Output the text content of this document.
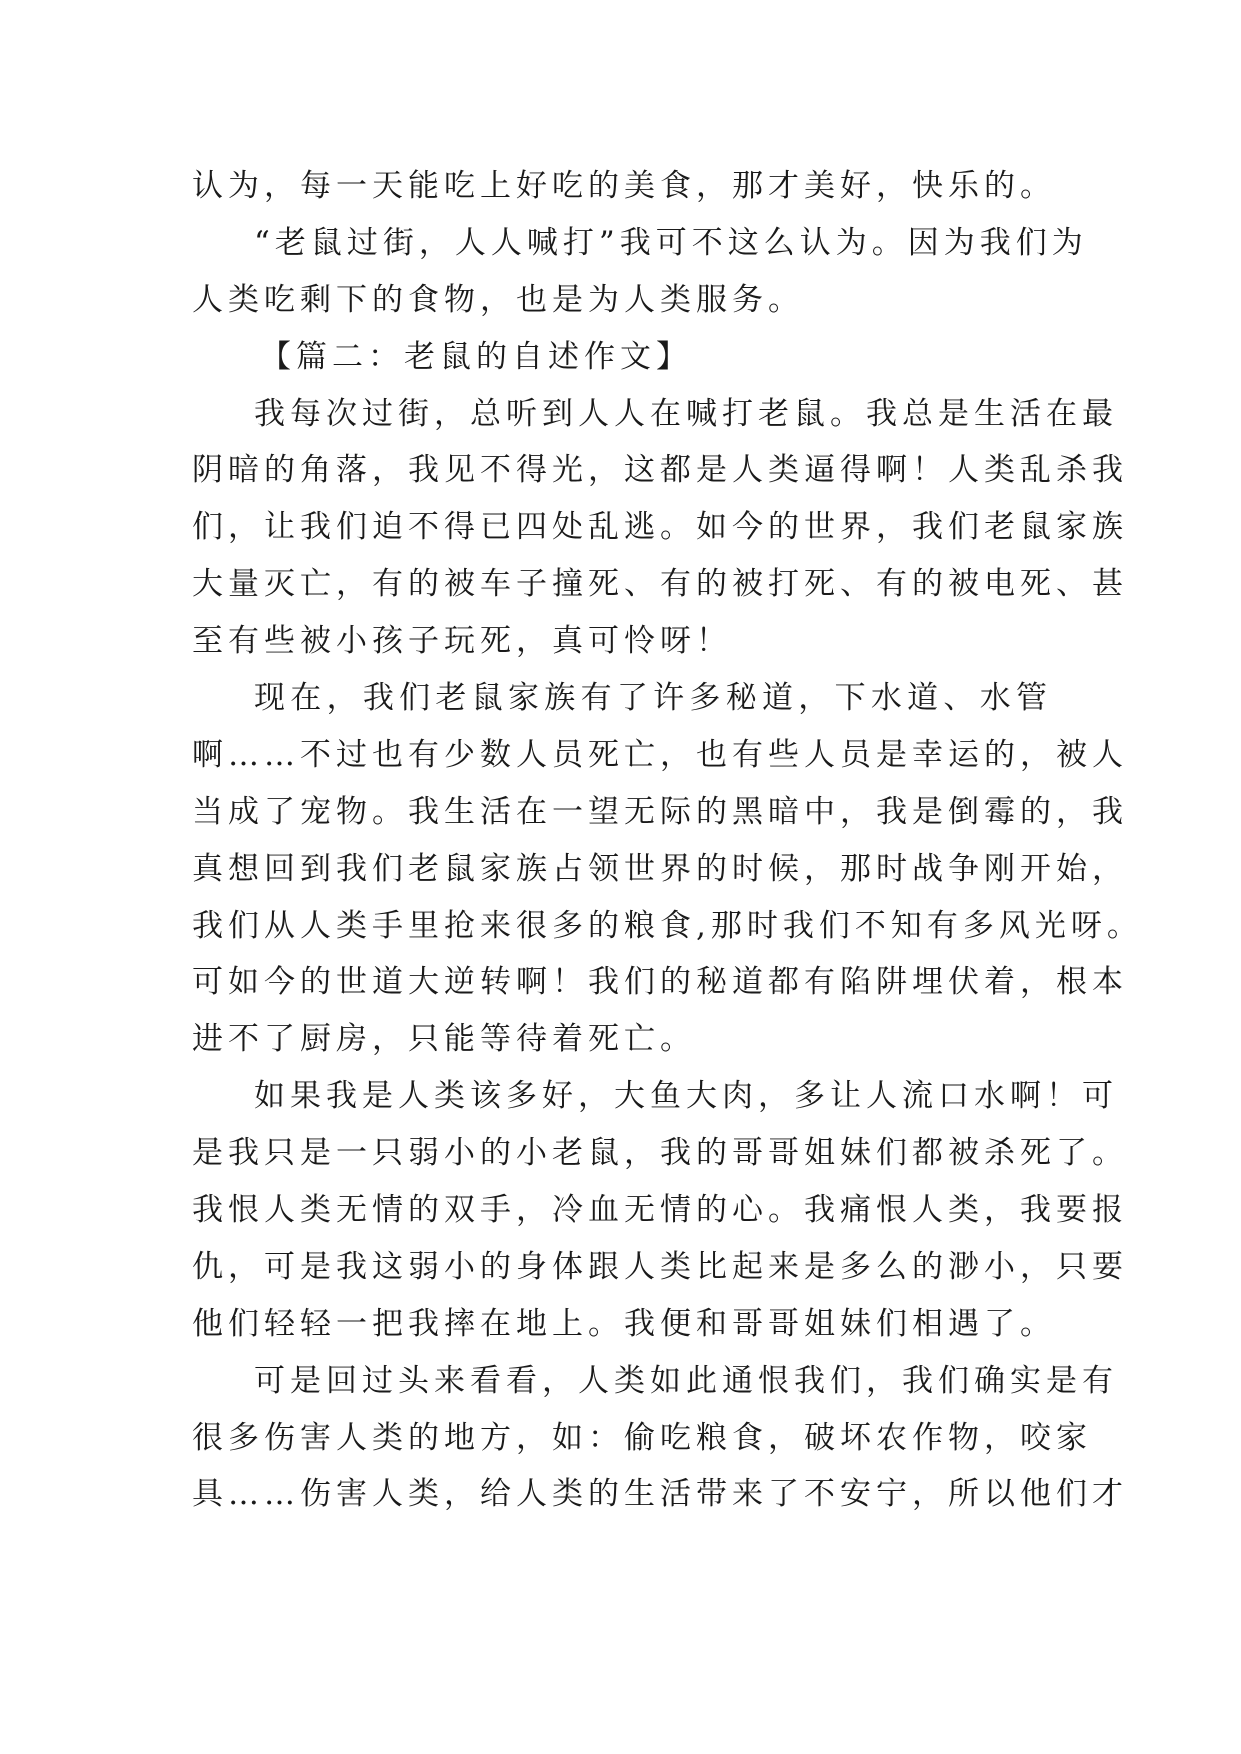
认为，每一天能吃上好吃的美食，那才美好，快乐的。
“老鼠过街，人人喊打”我可不这么认为。因为我们为
人类吃剩下的食物，也是为人类服务。
【篇二：老鼠的自述作文】
我每次过街，总听到人人在喊打老鼠。我总是生活在最
阴暗的角落，我见不得光，这都是人类逼得啊！人类乱杀我
们，让我们迫不得已四处乱逃。如今的世界，我们老鼠家族
大量灭亡，有的被车子撞死、有的被打死、有的被电死、甚
至有些被小孩子玩死，真可怜呀！
现在，我们老鼠家族有了许多秘道，下水道、水管
啊……不过也有少数人员死亡，也有些人员是幸运的，被人
当成了宠物。我生活在一望无际的黑暗中，我是倒霉的，我
真想回到我们老鼠家族占领世界的时候，那时战争刚开始，
我们从人类手里抢来很多的粮食,那时我们不知有多风光呀。
可如今的世道大逆转啊！我们的秘道都有陷阱埋伏着，根本
进不了厨房，只能等待着死亡。
如果我是人类该多好，大鱼大肉，多让人流口水啊！可
是我只是一只弱小的小老鼠，我的哥哥姐妹们都被杀死了。
我恨人类无情的双手，冷血无情的心。我痛恨人类，我要报
仇，可是我这弱小的身体跟人类比起来是多么的渺小，只要
他们轻轻一把我摔在地上。我便和哥哥姐妹们相遇了。
可是回过头来看看，人类如此通恨我们，我们确实是有
很多伤害人类的地方，如：偷吃粮食，破坏农作物，咬家
具……伤害人类，给人类的生活带来了不安宁，所以他们才
